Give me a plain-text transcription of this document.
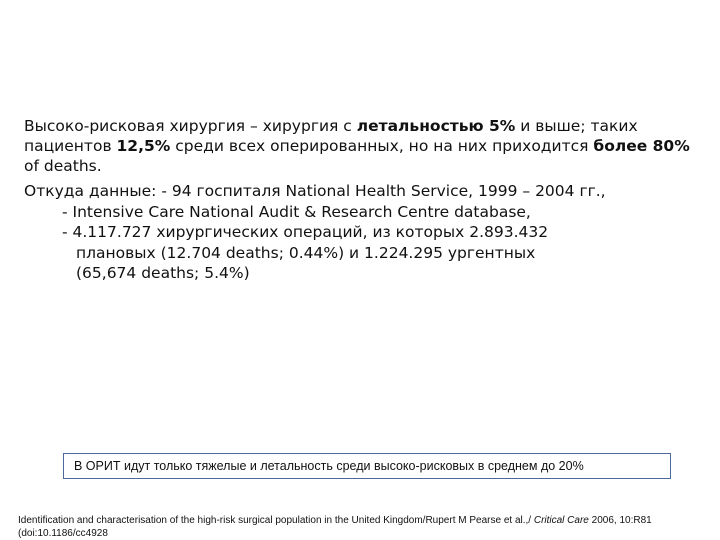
Высоко-рисковая хирургия – хирургия с летальностью 5% и выше; таких пациентов 12,5% среди всех оперированных, но на них приходится более 80% of deaths.
Откуда данные: - 94 госпиталя National Health Service, 1999 – 2004 гг.,
- Intensive Care National Audit & Research Centre database,
- 4.117.727 хирургических операций, из которых 2.893.432
плановых (12.704 deaths; 0.44%) и 1.224.295 ургентных
(65,674 deaths; 5.4%)
В ОРИТ идут только тяжелые и летальность среди высоко-рисковых в среднем до 20%
Identification and characterisation of the high-risk surgical population in the United Kingdom/Rupert M Pearse et al.,/ Critical Care 2006, 10:R81 (doi:10.1186/cc4928
